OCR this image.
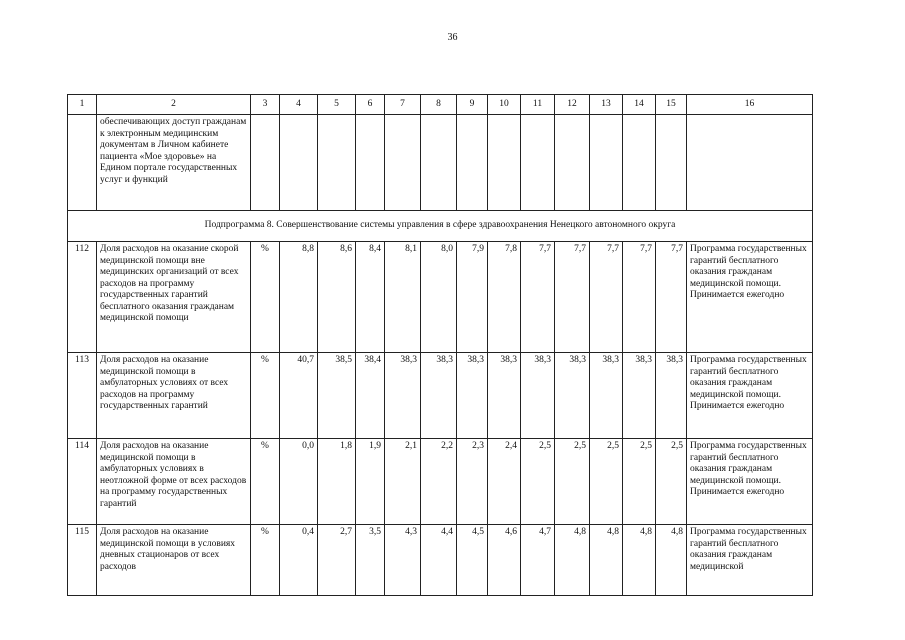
36
1	2	3	4	5	6	7	8	9	10	11	12	13	14	15	16
	обеспечивающих доступ гражданам к электронным медицинским документам в Личном кабинете пациента «Мое здоровье» на Едином портале государственных услуг и функций														
Подпрограмма 8. Совершенствование системы управления в сфере здравоохранения Ненецкого автономного округа															
112	Доля расходов на оказание скорой медицинской помощи вне медицинских организаций от всех расходов на программу государственных гарантий бесплатного оказания гражданам медицинской помощи	%	8,8	8,6	8,4	8,1	8,0	7,9	7,8	7,7	7,7	7,7	7,7	7,7	Программа государственных гарантий бесплатного оказания гражданам медицинской помощи. Принимается ежегодно
113	Доля расходов на оказание медицинской помощи в амбулаторных условиях от всех расходов на программу государственных гарантий	%	40,7	38,5	38,4	38,3	38,3	38,3	38,3	38,3	38,3	38,3	38,3	38,3	Программа государственных гарантий бесплатного оказания гражданам медицинской помощи. Принимается ежегодно
114	Доля расходов на оказание медицинской помощи в амбулаторных условиях в неотложной форме от всех расходов на программу государственных гарантий	%	0,0	1,8	1,9	2,1	2,2	2,3	2,4	2,5	2,5	2,5	2,5	2,5	Программа государственных гарантий бесплатного оказания гражданам медицинской помощи. Принимается ежегодно
115	Доля расходов на оказание медицинской помощи в условиях дневных стационаров от всех расходов	%	0,4	2,7	3,5	4,3	4,4	4,5	4,6	4,7	4,8	4,8	4,8	4,8	Программа государственных гарантий бесплатного оказания гражданам медицинской
